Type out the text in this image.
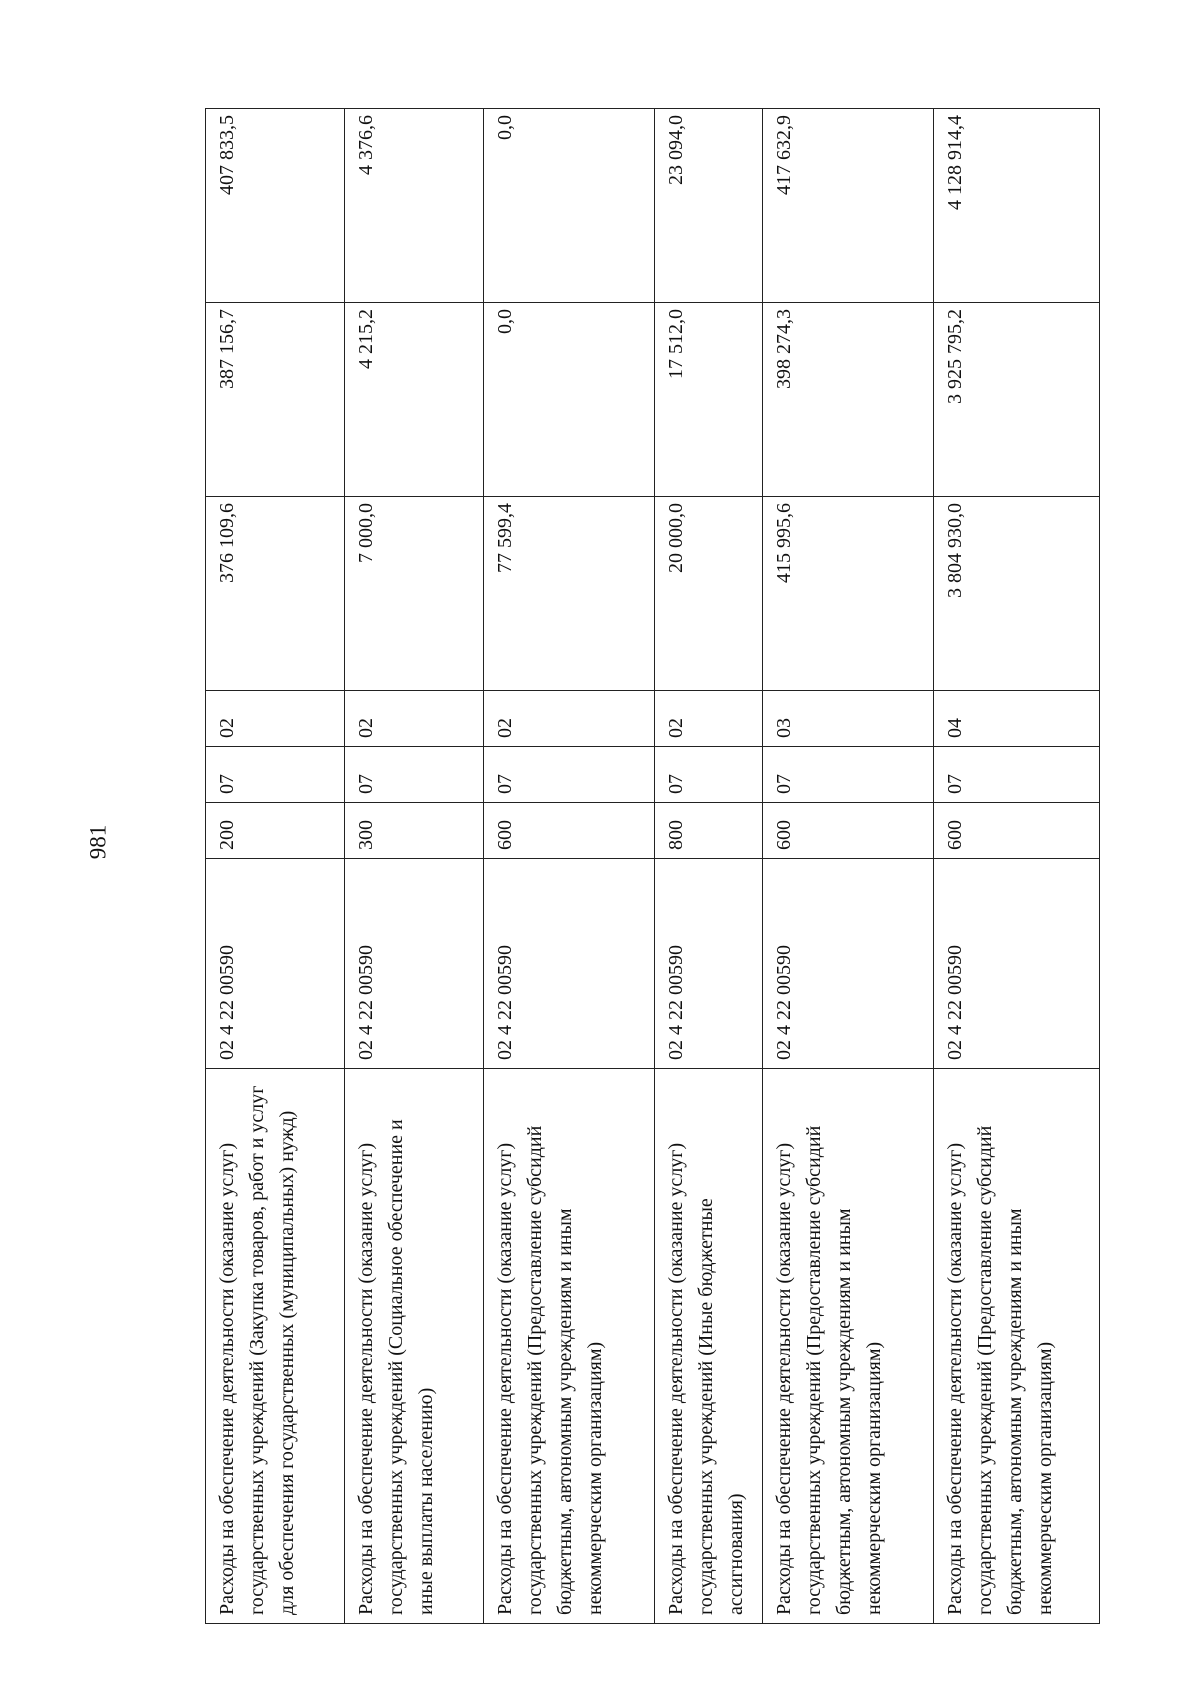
981
Расходы на обеспечение деятельности (оказание услуг) государственных учреждений (Закупка товаров, работ и услуг для обеспечения государственных (муниципальных) нужд)	02 4 22 00590	200	07	02	376 109,6	387 156,7	407 833,5
Расходы на обеспечение деятельности (оказание услуг) государственных учреждений (Социальное обеспечение и иные выплаты населению)	02 4 22 00590	300	07	02	7 000,0	4 215,2	4 376,6
Расходы на обеспечение деятельности (оказание услуг) государственных учреждений (Предоставление субсидий бюджетным, автономным учреждениям и иным некоммерческим организациям)	02 4 22 00590	600	07	02	77 599,4	0,0	0,0
Расходы на обеспечение деятельности (оказание услуг) государственных учреждений (Иные бюджетные ассигнования)	02 4 22 00590	800	07	02	20 000,0	17 512,0	23 094,0
Расходы на обеспечение деятельности (оказание услуг) государственных учреждений (Предоставление субсидий бюджетным, автономным учреждениям и иным некоммерческим организациям)	02 4 22 00590	600	07	03	415 995,6	398 274,3	417 632,9
Расходы на обеспечение деятельности (оказание услуг) государственных учреждений (Предоставление субсидий бюджетным, автономным учреждениям и иным некоммерческим организациям)	02 4 22 00590	600	07	04	3 804 930,0	3 925 795,2	4 128 914,4
